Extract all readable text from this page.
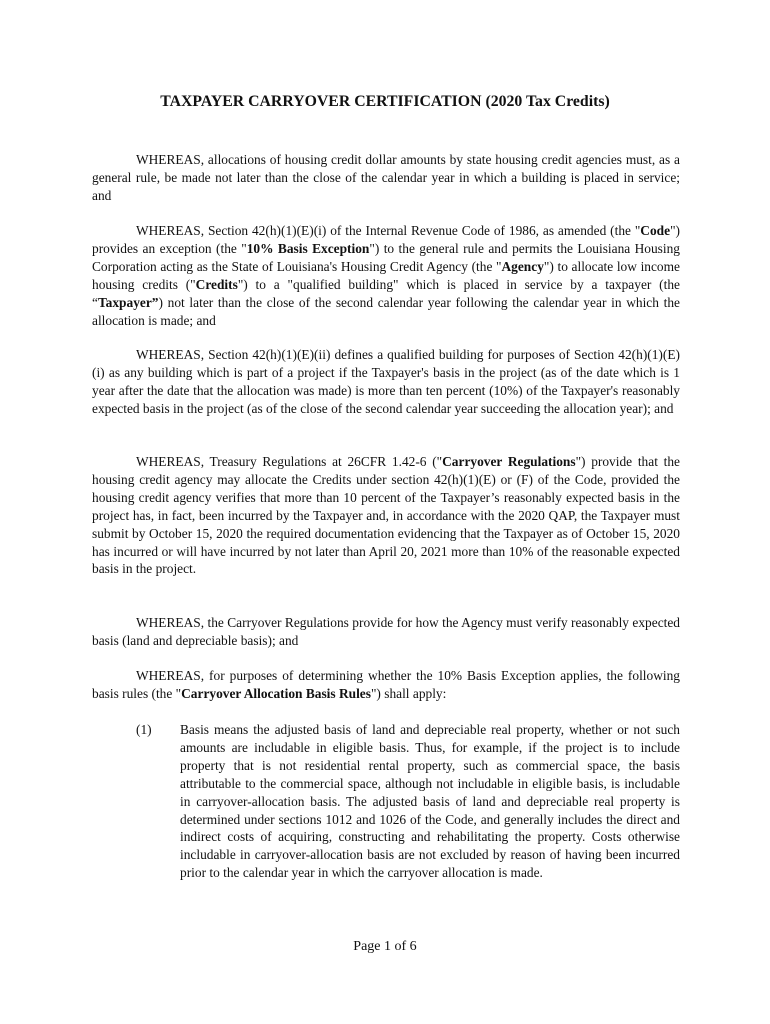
TAXPAYER CARRYOVER CERTIFICATION (2020 Tax Credits)

WHEREAS, allocations of housing credit dollar amounts by state housing credit agencies must, as a general rule, be made not later than the close of the calendar year in which a building is placed in service; and

WHEREAS, Section 42(h)(1)(E)(i) of the Internal Revenue Code of 1986, as amended (the "Code") provides an exception (the "10% Basis Exception") to the general rule and permits the Louisiana Housing Corporation acting as the State of Louisiana's Housing Credit Agency (the "Agency") to allocate low income housing credits ("Credits") to a "qualified building" which is placed in service by a taxpayer (the “Taxpayer”) not later than the close of the second calendar year following the calendar year in which the allocation is made; and

WHEREAS, Section 42(h)(1)(E)(ii) defines a qualified building for purposes of Section 42(h)(1)(E)(i) as any building which is part of a project if the Taxpayer's basis in the project (as of the date which is 1 year after the date that the allocation was made) is more than ten percent (10%) of the Taxpayer's reasonably expected basis in the project (as of the close of the second calendar year succeeding the allocation year); and

WHEREAS, Treasury Regulations at 26CFR 1.42-6 ("Carryover Regulations") provide that the housing credit agency may allocate the Credits under section 42(h)(1)(E) or (F) of the Code, provided the housing credit agency verifies that more than 10 percent of the Taxpayer’s reasonably expected basis in the project has, in fact, been incurred by the Taxpayer and, in accordance with the 2020 QAP, the Taxpayer must submit by October 15, 2020 the required documentation evidencing that the Taxpayer as of October 15, 2020 has incurred or will have incurred by not later than April 20, 2021 more than 10% of the reasonable expected basis in the project.

WHEREAS, the Carryover Regulations provide for how the Agency must verify reasonably expected basis (land and depreciable basis); and

WHEREAS, for purposes of determining whether the 10% Basis Exception applies, the following basis rules (the "Carryover Allocation Basis Rules") shall apply:

(1) Basis means the adjusted basis of land and depreciable real property, whether or not such amounts are includable in eligible basis. Thus, for example, if the project is to include property that is not residential rental property, such as commercial space, the basis attributable to the commercial space, although not includable in eligible basis, is includable in carryover-allocation basis. The adjusted basis of land and depreciable real property is determined under sections 1012 and 1026 of the Code, and generally includes the direct and indirect costs of acquiring, constructing and rehabilitating the property. Costs otherwise includable in carryover-allocation basis are not excluded by reason of having been incurred prior to the calendar year in which the carryover allocation is made.

Page 1 of 6
